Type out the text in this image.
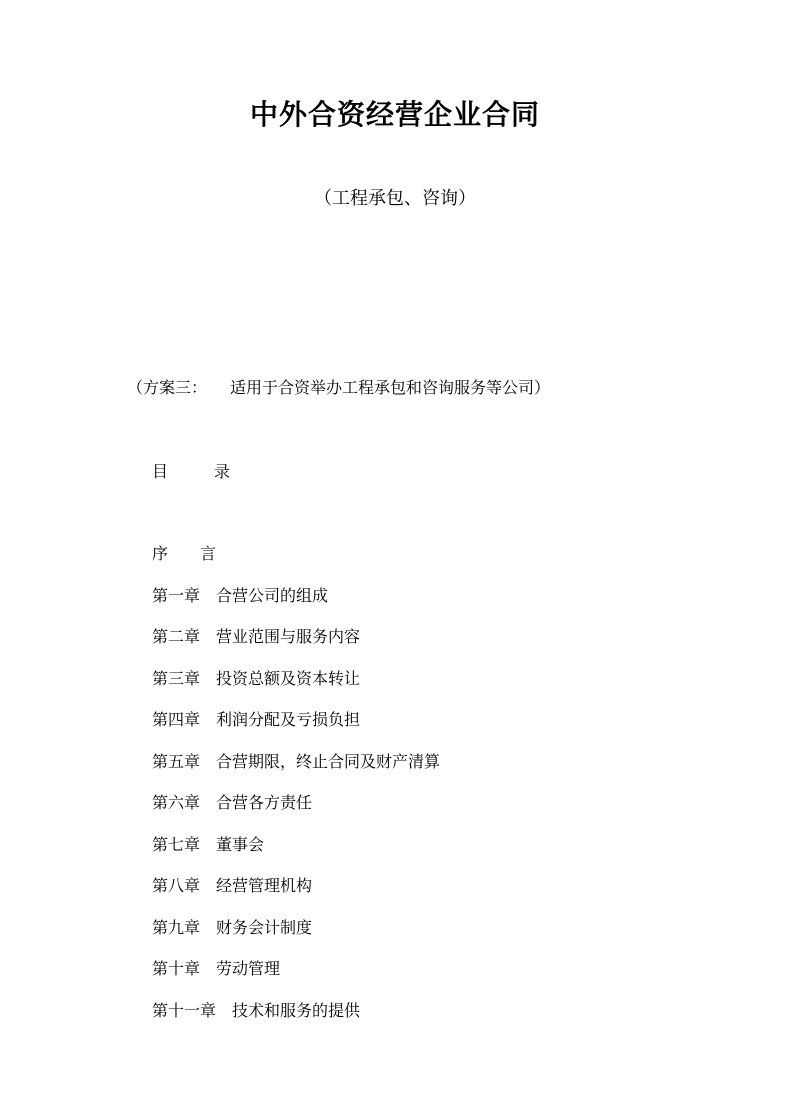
中外合资经营企业合同
（工程承包、咨询）
（方案三： 适用于合资举办工程承包和咨询服务等公司）
目	录
序 言
第一章 合营公司的组成
第二章 营业范围与服务内容
第三章 投资总额及资本转让
第四章 利润分配及亏损负担
第五章 合营期限，终止合同及财产清算
第六章 合营各方责任
第七章 董事会
第八章 经营管理机构
第九章 财务会计制度
第十章 劳动管理
第十一章 技术和服务的提供
